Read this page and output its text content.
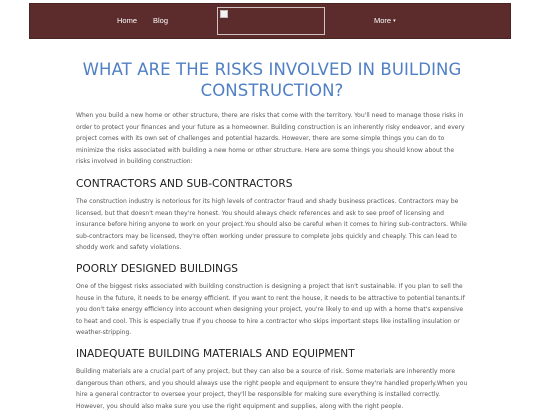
Home Blog	More ▾
WHAT ARE THE RISKS INVOLVED IN BUILDING CONSTRUCTION?

When you build a new home or other structure, there are risks that come with the territory. You'll need to manage those risks in order to protect your finances and your future as a homeowner. Building construction is an inherently risky endeavor, and every project comes with its own set of challenges and potential hazards. However, there are some simple things you can do to minimize the risks associated with building a new home or other structure. Here are some things you should know about the risks involved in building construction:

CONTRACTORS AND SUB-CONTRACTORS

The construction industry is notorious for its high levels of contractor fraud and shady business practices. Contractors may be licensed, but that doesn't mean they're honest. You should always check references and ask to see proof of licensing and insurance before hiring anyone to work on your project.You should also be careful when it comes to hiring sub-contractors. While sub-contractors may be licensed, they're often working under pressure to complete jobs quickly and cheaply. This can lead to shoddy work and safety violations.

POORLY DESIGNED BUILDINGS

One of the biggest risks associated with building construction is designing a project that isn't sustainable. If you plan to sell the house in the future, it needs to be energy efficient. If you want to rent the house, it needs to be attractive to potential tenants.If you don't take energy efficiency into account when designing your project, you're likely to end up with a home that's expensive to heat and cool. This is especially true if you choose to hire a contractor who skips important steps like installing insulation or weather-stripping.

INADEQUATE BUILDING MATERIALS AND EQUIPMENT

Building materials are a crucial part of any project, but they can also be a source of risk. Some materials are inherently more dangerous than others, and you should always use the right people and equipment to ensure they're handled properly.When you hire a general contractor to oversee your project, they'll be responsible for making sure everything is installed correctly. However, you should also make sure you use the right equipment and supplies, along with the right people.
